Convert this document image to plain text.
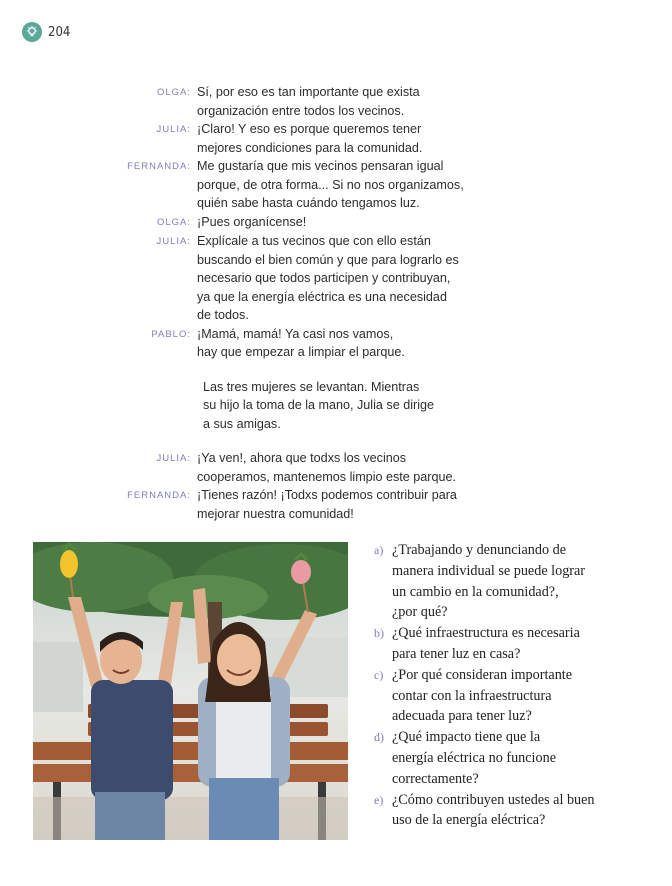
204
OLGA: Sí, por eso es tan importante que exista
organización entre todos los vecinos.
JULIA: ¡Claro! Y eso es porque queremos tener
mejores condiciones para la comunidad.
FERNANDA: Me gustaría que mis vecinos pensaran igual
porque, de otra forma... Si no nos organizamos,
quién sabe hasta cuándo tengamos luz.
OLGA: ¡Pues organícense!
JULIA: Explícale a tus vecinos que con ello están
buscando el bien común y que para lograrlo es
necesario que todos participen y contribuyan,
ya que la energía eléctrica es una necesidad
de todos.
PABLO: ¡Mamá, mamá! Ya casi nos vamos,
hay que empezar a limpiar el parque.
Las tres mujeres se levantan. Mientras
su hijo la toma de la mano, Julia se dirige
a sus amigas.
JULIA: ¡Ya ven!, ahora que todxs los vecinos
cooperamos, mantenemos limpio este parque.
FERNANDA: ¡Tienes razón! ¡Todxs podemos contribuir para
mejorar nuestra comunidad!
a) ¿Trabajando y denunciando de
manera individual se puede lograr
un cambio en la comunidad?,
¿por qué?
b) ¿Qué infraestructura es necesaria
para tener luz en casa?
c) ¿Por qué consideran importante
contar con la infraestructura
adecuada para tener luz?
d) ¿Qué impacto tiene que la
energía eléctrica no funcione
correctamente?
e) ¿Cómo contribuyen ustedes al buen
uso de la energía eléctrica?
